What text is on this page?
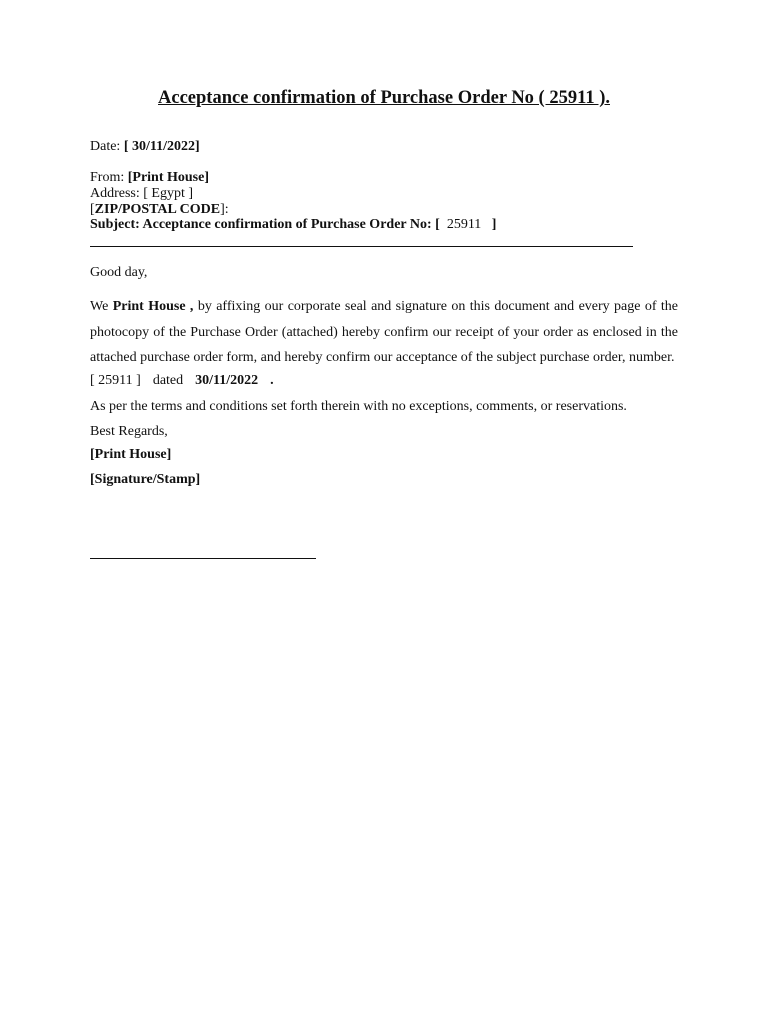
Acceptance confirmation of Purchase Order No ( 25911 ).
Date: [ 30/11/2022]
From: [Print House]
Address: [ Egypt ]
[ZIP/POSTAL CODE]:
Subject: Acceptance confirmation of Purchase Order No: [ 25911 ]
Good day,
We Print House , by affixing our corporate seal and signature on this document and every page of the photocopy of the Purchase Order (attached) hereby confirm our receipt of your order as enclosed in the attached purchase order form, and hereby confirm our acceptance of the subject purchase order, number.
[ 25911 ] dated 30/11/2022 .
As per the terms and conditions set forth therein with no exceptions, comments, or reservations.
Best Regards,
[Print House]
[Signature/Stamp]
